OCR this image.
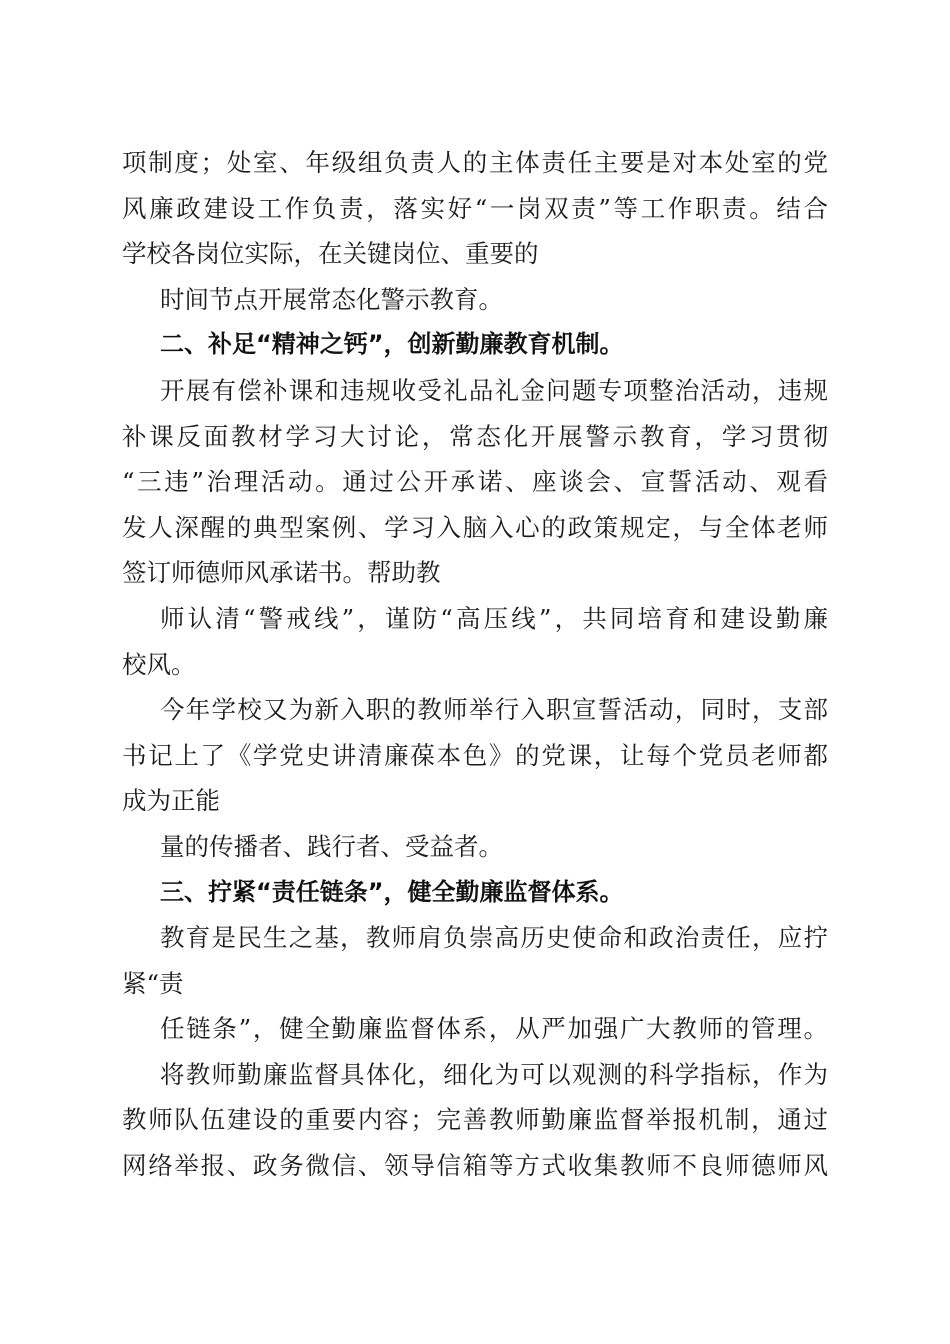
项制度；处室、年级组负责人的主体责任主要是对本处室的党
风廉政建设工作负责，落实好“一岗双责”等工作职责。结合
学校各岗位实际，在关键岗位、重要的
时间节点开展常态化警示教育。
二、补足“精神之钙”，创新勤廉教育机制。
开展有偿补课和违规收受礼品礼金问题专项整治活动，违规
补课反面教材学习大讨论，常态化开展警示教育，学习贯彻
“三违”治理活动。通过公开承诺、座谈会、宣誓活动、观看
发人深醒的典型案例、学习入脑入心的政策规定，与全体老师
签订师德师风承诺书。帮助教
师认清“警戒线”，谨防“高压线”，共同培育和建设勤廉
校风。
今年学校又为新入职的教师举行入职宣誓活动，同时，支部
书记上了《学党史讲清廉葆本色》的党课，让每个党员老师都
成为正能
量的传播者、践行者、受益者。
三、拧紧“责任链条”，健全勤廉监督体系。
教育是民生之基，教师肩负崇高历史使命和政治责任，应拧
紧“责
任链条”，健全勤廉监督体系，从严加强广大教师的管理。
将教师勤廉监督具体化，细化为可以观测的科学指标，作为
教师队伍建设的重要内容；完善教师勤廉监督举报机制，通过
网络举报、政务微信、领导信箱等方式收集教师不良师德师风
